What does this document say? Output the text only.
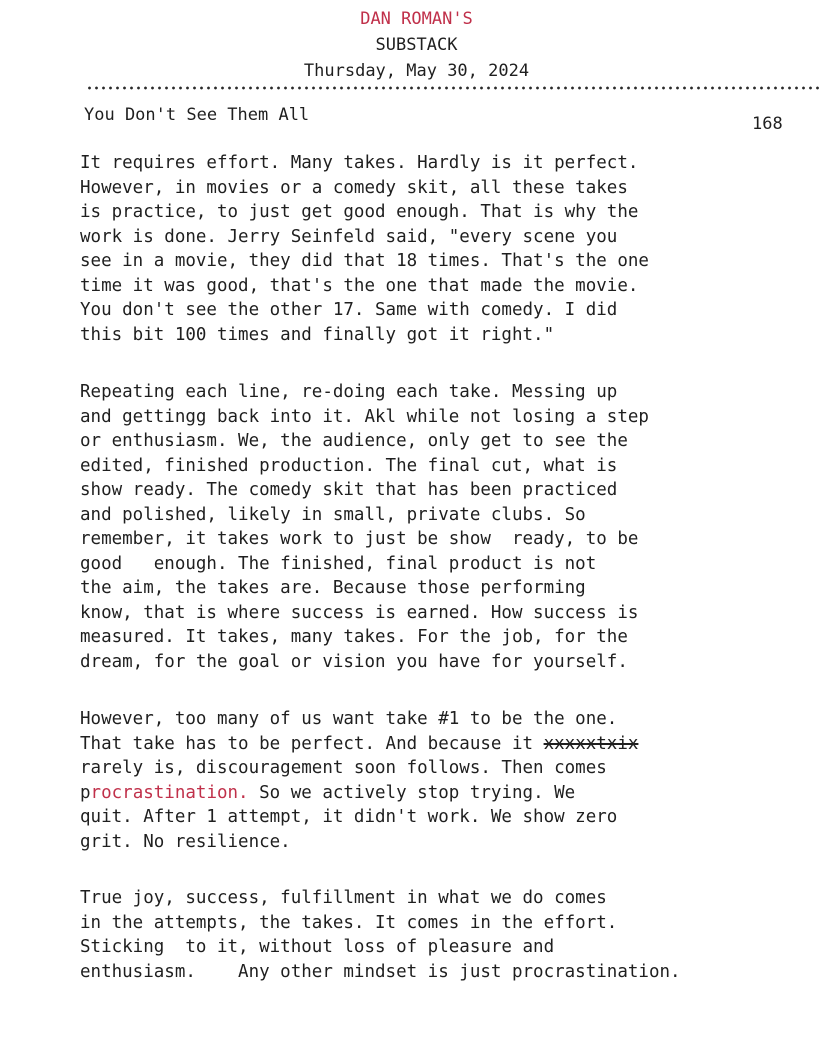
DAN ROMAN'S
SUBSTACK
Thursday, May 30, 2024
You Don't See Them All	168

It requires effort. Many takes. Hardly is it perfect.
However, in movies or a comedy skit, all these takes
is practice, to just get good enough. That is why the
work is done. Jerry Seinfeld said, "every scene you
see in a movie, they did that 18 times. That's the one
time it was good, that's the one that made the movie.
You don't see the other 17. Same with comedy. I did
this bit 100 times and finally got it right."

Repeating each line, re-doing each take. Messing up
and gettingg back into it. Akl while not losing a step
or enthusiasm. We, the audience, only get to see the
edited, finished production. The final cut, what is
show ready. The comedy skit that has been practiced
and polished, likely in small, private clubs. So
remember, it takes work to just be show  ready, to be
good   enough. The finished, final product is not
the aim, the takes are. Because those performing
know, that is where success is earned. How success is
measured. It takes, many takes. For the job, for the
dream, for the goal or vision you have for yourself.

However, too many of us want take #1 to be the one.
That take has to be perfect. And because it xxxxxtxix
rarely is, discouragement soon follows. Then comes
procrastination. So we actively stop trying. We
quit. After 1 attempt, it didn't work. We show zero
grit. No resilience.

True joy, success, fulfillment in what we do comes
in the attempts, the takes. It comes in the effort.
Sticking  to it, without loss of pleasure and
enthusiasm.    Any other mindset is just procrastination.
